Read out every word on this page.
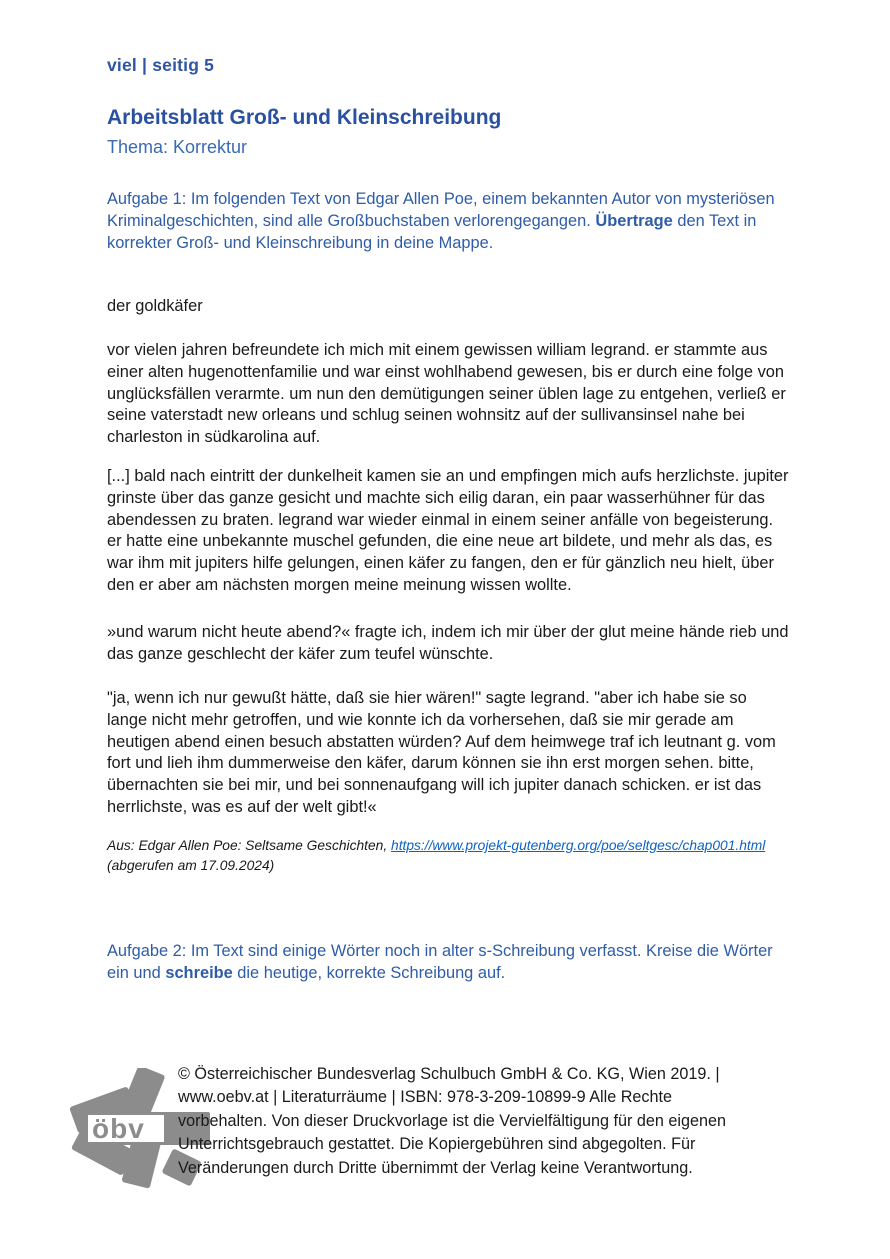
viel | seitig 5
Arbeitsblatt Groß- und Kleinschreibung
Thema: Korrektur
Aufgabe 1: Im folgenden Text von Edgar Allen Poe, einem bekannten Autor von mysteriösen Kriminalgeschichten, sind alle Großbuchstaben verlorengegangen. Übertrage den Text in korrekter Groß- und Kleinschreibung in deine Mappe.
der goldkäfer
vor vielen jahren befreundete ich mich mit einem gewissen william legrand. er stammte aus einer alten hugenottenfamilie und war einst wohlhabend gewesen, bis er durch eine folge von unglücksfällen verarmte. um nun den demütigungen seiner üblen lage zu entgehen, verließ er seine vaterstadt new orleans und schlug seinen wohnsitz auf der sullivansinsel nahe bei charleston in südkarolina auf.
[...] bald nach eintritt der dunkelheit kamen sie an und empfingen mich aufs herzlichste. jupiter grinste über das ganze gesicht und machte sich eilig daran, ein paar wasserhühner für das abendessen zu braten. legrand war wieder einmal in einem seiner anfälle von begeisterung. er hatte eine unbekannte muschel gefunden, die eine neue art bildete, und mehr als das, es war ihm mit jupiters hilfe gelungen, einen käfer zu fangen, den er für gänzlich neu hielt, über den er aber am nächsten morgen meine meinung wissen wollte.
»und warum nicht heute abend?« fragte ich, indem ich mir über der glut meine hände rieb und das ganze geschlecht der käfer zum teufel wünschte.
"ja, wenn ich nur gewußt hätte, daß sie hier wären!" sagte legrand. "aber ich habe sie so lange nicht mehr getroffen, und wie konnte ich da vorhersehen, daß sie mir gerade am heutigen abend einen besuch abstatten würden? Auf dem heimwege traf ich leutnant g. vom fort und lieh ihm dummerweise den käfer, darum können sie ihn erst morgen sehen. bitte, übernachten sie bei mir, und bei sonnenaufgang will ich jupiter danach schicken. er ist das herrlichste, was es auf der welt gibt!«
Aus: Edgar Allen Poe: Seltsame Geschichten, https://www.projekt-gutenberg.org/poe/seltgesc/chap001.html (abgerufen am 17.09.2024)
Aufgabe 2: Im Text sind einige Wörter noch in alter s-Schreibung verfasst. Kreise die Wörter ein und schreibe die heutige, korrekte Schreibung auf.
öbv
© Österreichischer Bundesverlag Schulbuch GmbH & Co. KG, Wien 2019. | www.oebv.at | Literaturräume | ISBN: 978-3-209-10899-9 Alle Rechte vorbehalten. Von dieser Druckvorlage ist die Vervielfältigung für den eigenen Unterrichtsgebrauch gestattet. Die Kopiergebühren sind abgegolten. Für Veränderungen durch Dritte übernimmt der Verlag keine Verantwortung.
